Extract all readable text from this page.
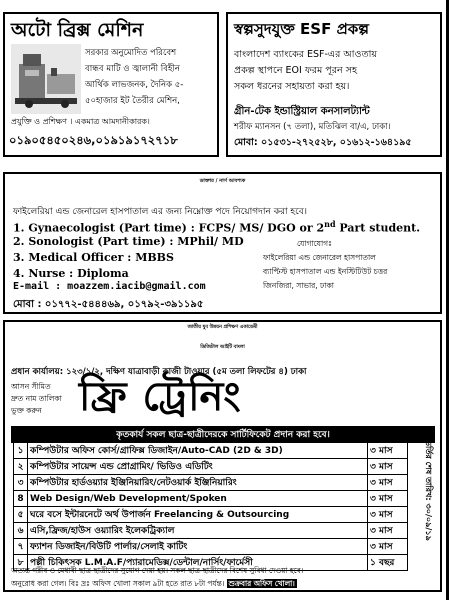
অটো ব্রিক্স মেশিন
সরকার অনুমোদিত পরিবেশ
বান্ধব মাটি ও জ্বালানী বিহীন
আর্থিক লাভজনক, দৈনিক ৫-
৫০হাজার ইট তৈরীর মেশিন,
প্রযুক্তি ও প্রশিক্ষণ । একমাত্র আমদানীকারক।
০১৯০৫৪৫০২৪৬,০১৯১৯১৭২৭১৮
স্বল্পসুদযুক্ত ESF প্রকল্প
বাংলাদেশ ব্যাংকের ESF-এর আওতায়
প্রকল্প স্থাপনে EOI ফরম পূরন সহ
সকল ধরনের সহায়তা করা হয়।
গ্রীন-টেক ইন্ডাস্ট্রিয়াল কনসালট্যান্ট
শরীফ ম্যানসন (৭ তলা), মতিঝিল বা/এ, ঢাকা।
মোবা: ০১৫৩১-২৭২৫২৮, ০১৬১২-১৬৪১৯৫
ডাক্তার / নার্স আবশ্যক
ফাইলেরিয়া এন্ড জেনারেল হাসপাতাল এর জন্য নিম্নোক্ত পদে নিয়োগদান করা হবে।
1. Gynaecologist (Part time) : FCPS/ MS/ DGO or 2nd Part student.
2. Sonologist (Part time) : MPhil/ MD
3. Medical Officer : MBBS
4. Nurse : Diploma
যোগাযোগঃ
ফাইলেরিয়া এন্ড জেনারেল হাসপাতাল
ব্যাপ্টিস্ট হাসপাতাল এন্ড ইনস্টিটিউট চত্তর
জিনজিরা, সাভার, ঢাকা
E-mail : moazzem.iacib@gmail.com
মোবা : ০১৭৭২-৫৪৪৪৬৯, ০১৭৯২-৩৯১১৯৫
জাতীয় যুব উন্নয়ন প্রশিক্ষণ একাডেমী
ডিজিটাল আইটি বাংলা
প্রধান কার্যালয়: ১২৩/১/২, দক্ষিণ যাত্রাবাড়ী কাজী টাওয়ার (৫ম তলা লিফটের ৪) ঢাকা
আসন সীমিত
দ্রুত নাম তালিকা
ভুক্ত করুন ফ্রি ট্রেনিং
কৃতকার্য সকল ছাত্র-ছাত্রীদেরকে সার্টিফিকেট প্রদান করা হবে।
ভর্তির শেষ তারিখ: ৩০/০৯/১৯
অত্যন্ত গরীব ও মেধাবী ছাত্র-ছাত্রীদের সুযোগ দেয়া হয়। সকল ছাত্র-ছাত্রীদের বিশেষ সুবিধা দেওয়া হবে।
অনুরোধ করা গেল। বিঃ দ্রঃ অফিস খোলা সকাল ৯টা হতে রাত ৮টা পর্যন্ত। শুক্রবার অফিস খোলা।
১	কম্পিউটার অফিস কোর্স/গ্রাফিক্স ডিজাইন/Auto-CAD (2D & 3D)	৩ মাস
২	কম্পিউটার সায়েন্স এন্ড প্রোগ্রামিং/ ভিডিও এডিটিং	৩ মাস
৩	কম্পিউটার হার্ডওয়্যার ইঞ্জিনিয়ারিং/নেটওয়ার্ক ইঞ্জিনিয়ারিং	৩ মাস
8	Web Design/Web Development/Spoken	৩ মাস
৫	ঘরে বসে ইন্টারনেটে অর্থ উপার্জন Freelancing & Outsourcing	৩ মাস
৬	এসি,ফ্রিজ/হাউস ওয়্যারিং ইলেকট্রিক্যাল	৩ মাস
৭	ফ্যাশন ডিজাইন/বিউটি পার্লার/সেলাই কাটিং	৩ মাস
৮	পল্লী চিকিৎসক L.M.A.F/প্যারামেডিক্স/ডেন্টাল/নার্সিং/ফার্মেসী	১ বছর
